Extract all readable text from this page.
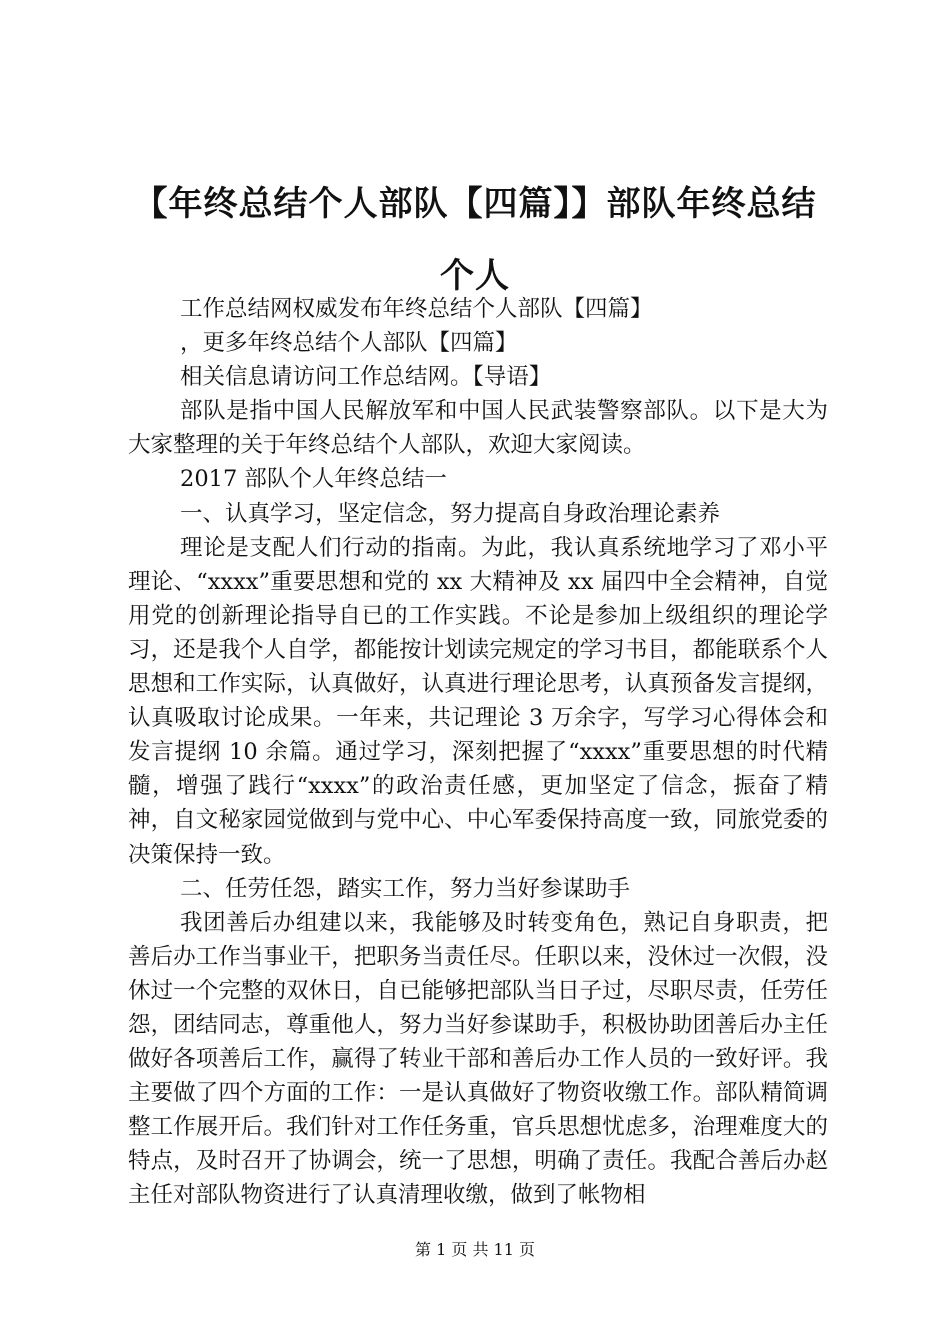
【年终总结个人部队【四篇】】部队年终总结个人

工作总结网权威发布年终总结个人部队【四篇】

，更多年终总结个人部队【四篇】

相关信息请访问工作总结网。【导语】

部队是指中国人民解放军和中国人民武装警察部队。以下是大为大家整理的关于年终总结个人部队，欢迎大家阅读。

2017 部队个人年终总结一

一、认真学习，坚定信念，努力提高自身政治理论素养

理论是支配人们行动的指南。为此，我认真系统地学习了邓小平理论、“xxxx”重要思想和党的 xx 大精神及 xx 届四中全会精神，自觉用党的创新理论指导自已的工作实践。不论是参加上级组织的理论学习，还是我个人自学，都能按计划读完规定的学习书目，都能联系个人思想和工作实际，认真做好，认真进行理论思考，认真预备发言提纲，认真吸取讨论成果。一年来，共记理论 3 万余字，写学习心得体会和发言提纲 10 余篇。通过学习，深刻把握了“xxxx”重要思想的时代精髓，增强了践行“xxxx”的政治责任感，更加坚定了信念，振奋了精神，自文秘家园觉做到与党中心、中心军委保持高度一致，同旅党委的决策保持一致。

二、任劳任怨，踏实工作，努力当好参谋助手

我团善后办组建以来，我能够及时转变角色，熟记自身职责，把善后办工作当事业干，把职务当责任尽。任职以来，没休过一次假，没休过一个完整的双休日，自已能够把部队当日子过，尽职尽责，任劳任怨，团结同志，尊重他人，努力当好参谋助手，积极协助团善后办主任做好各项善后工作，赢得了转业干部和善后办工作人员的一致好评。我主要做了四个方面的工作：一是认真做好了物资收缴工作。部队精简调整工作展开后。我们针对工作任务重，官兵思想忧虑多，治理难度大的特点，及时召开了协调会，统一了思想，明确了责任。我配合善后办赵主任对部队物资进行了认真清理收缴，做到了帐物相

第 1 页 共 11 页
